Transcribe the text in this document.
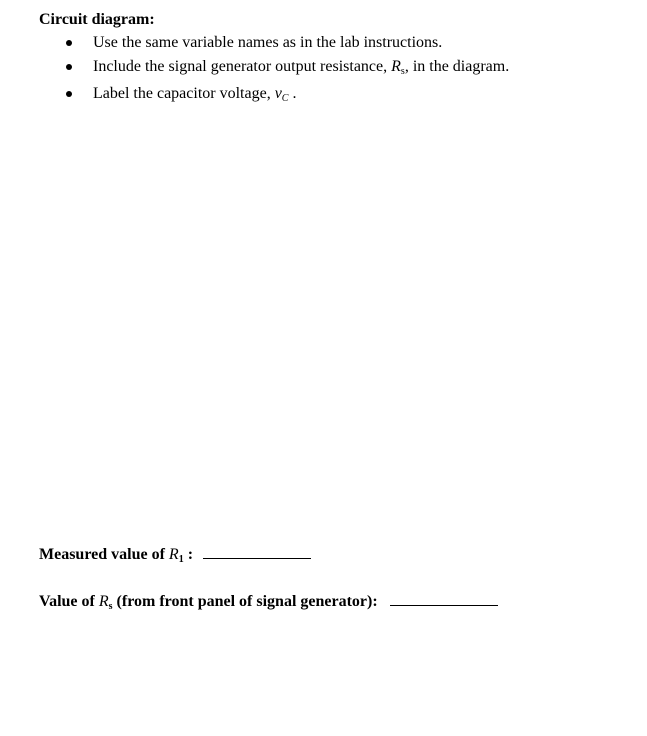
Circuit diagram:
Use the same variable names as in the lab instructions.
Include the signal generator output resistance, $R_s$, in the diagram.
Label the capacitor voltage, vC .
Measured value of $R_1$ :
Value of $R_s$ (from front panel of signal generator):
